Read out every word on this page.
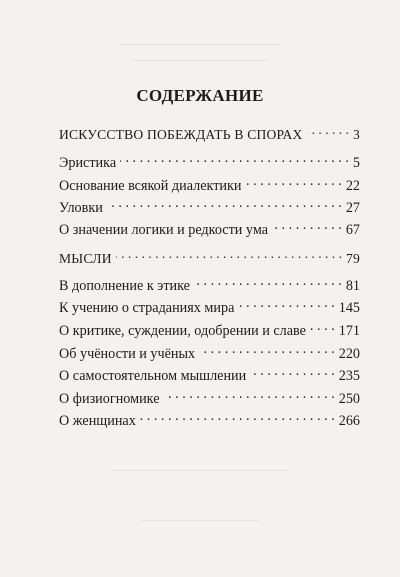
СОДЕРЖАНИЕ
ИСКУССТВО ПОБЕЖДАТЬ В СПОРАХ . . .	3
Эристика . . .	5
Основание всякой диалектики . . .	22
Уловки . . .	27
О значении логики и редкости ума . . .	67
МЫСЛИ . . .	79
В дополнение к этике . . .	81
К учению о страданиях мира . . .	145
О критике, суждении, одобрении и славе . . . 171
Об учёности и учёных . . .	220
О самостоятельном мышлении . . .	235
О физиогномике . . .	250
О женщинах . . .	266
